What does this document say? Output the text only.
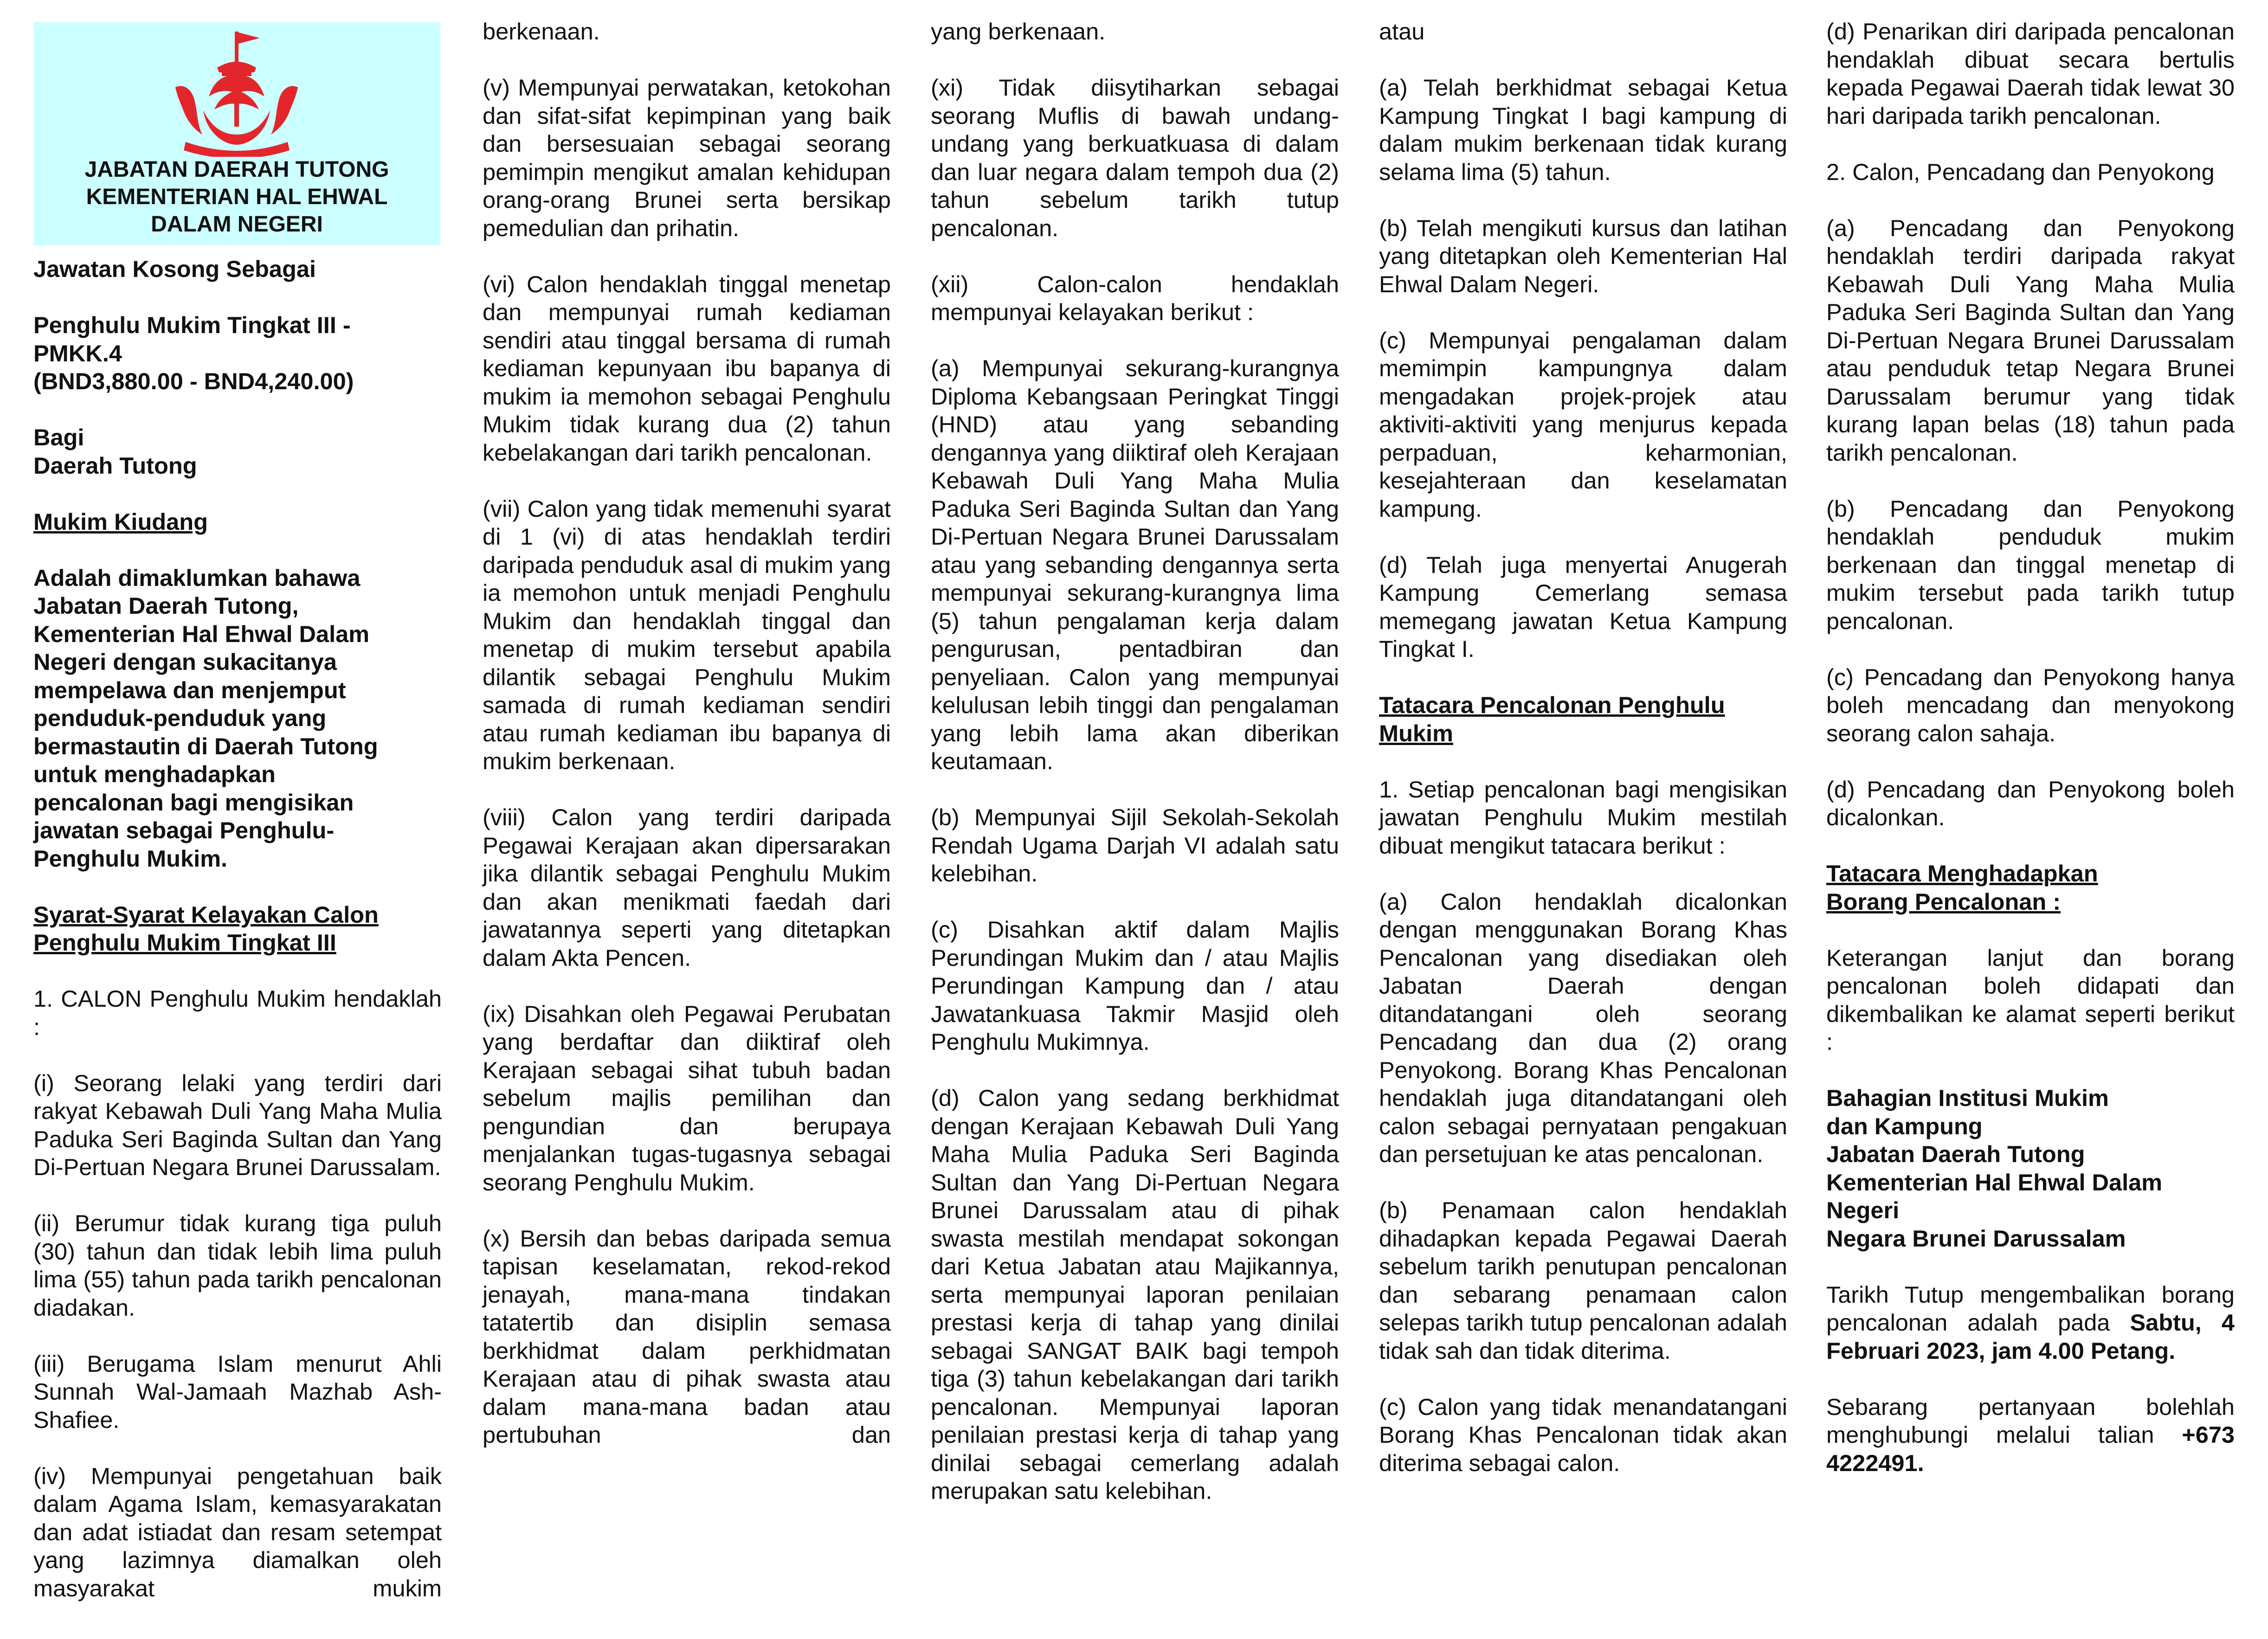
JABATAN DAERAH TUTONG
KEMENTERIAN HAL EHWAL
DALAM NEGERI
Jawatan Kosong Sebagai
Penghulu Mukim Tingkat III -
PMKK.4
(BND3,880.00 - BND4,240.00)
Bagi
Daerah Tutong
Mukim Kiudang
Adalah dimaklumkan bahawa
Jabatan Daerah Tutong,
Kementerian Hal Ehwal Dalam
Negeri dengan sukacitanya
mempelawa dan menjemput
penduduk-penduduk yang
bermastautin di Daerah Tutong
untuk menghadapkan
pencalonan bagi mengisikan
jawatan sebagai Penghulu-
Penghulu Mukim.
Syarat-Syarat Kelayakan Calon
Penghulu Mukim Tingkat III
1. CALON Penghulu Mukim hendaklah :
(i) Seorang lelaki yang terdiri dari rakyat Kebawah Duli Yang Maha Mulia Paduka Seri Baginda Sultan dan Yang Di-Pertuan Negara Brunei Darussalam.
(ii) Berumur tidak kurang tiga puluh (30) tahun dan tidak lebih lima puluh lima (55) tahun pada tarikh pencalonan diadakan.
(iii) Berugama Islam menurut Ahli Sunnah Wal-Jamaah Mazhab Ash-Shafiee.
(iv) Mempunyai pengetahuan baik dalam Agama Islam, kemasyarakatan dan adat istiadat dan resam setempat yang lazimnya diamalkan oleh masyarakat mukim
berkenaan.
(v) Mempunyai perwatakan, ketokohan dan sifat-sifat kepimpinan yang baik dan bersesuaian sebagai seorang pemimpin mengikut amalan kehidupan orang-orang Brunei serta bersikap pemedulian dan prihatin.
(vi) Calon hendaklah tinggal menetap dan mempunyai rumah kediaman sendiri atau tinggal bersama di rumah kediaman kepunyaan ibu bapanya di mukim ia memohon sebagai Penghulu Mukim tidak kurang dua (2) tahun kebelakangan dari tarikh pencalonan.
(vii) Calon yang tidak memenuhi syarat di 1 (vi) di atas hendaklah terdiri daripada penduduk asal di mukim yang ia memohon untuk menjadi Penghulu Mukim dan hendaklah tinggal dan menetap di mukim tersebut apabila dilantik sebagai Penghulu Mukim samada di rumah kediaman sendiri atau rumah kediaman ibu bapanya di mukim berkenaan.
(viii) Calon yang terdiri daripada Pegawai Kerajaan akan dipersarakan jika dilantik sebagai Penghulu Mukim dan akan menikmati faedah dari jawatannya seperti yang ditetapkan dalam Akta Pencen.
(ix) Disahkan oleh Pegawai Perubatan yang berdaftar dan diiktiraf oleh Kerajaan sebagai sihat tubuh badan sebelum majlis pemilihan dan pengundian dan berupaya menjalankan tugas-tugasnya sebagai seorang Penghulu Mukim.
(x) Bersih dan bebas daripada semua tapisan keselamatan, rekod-rekod jenayah, mana-mana tindakan tatatertib dan disiplin semasa berkhidmat dalam perkhidmatan Kerajaan atau di pihak swasta atau dalam mana-mana badan atau pertubuhan dan
yang berkenaan.
(xi) Tidak diisytiharkan sebagai seorang Muflis di bawah undang-undang yang berkuatkuasa di dalam dan luar negara dalam tempoh dua (2) tahun sebelum tarikh tutup pencalonan.
(xii) Calon-calon hendaklah mempunyai kelayakan berikut :
(a) Mempunyai sekurang-kurangnya Diploma Kebangsaan Peringkat Tinggi (HND) atau yang sebanding dengannya yang diiktiraf oleh Kerajaan Kebawah Duli Yang Maha Mulia Paduka Seri Baginda Sultan dan Yang Di-Pertuan Negara Brunei Darussalam atau yang sebanding dengannya serta mempunyai sekurang-kurangnya lima (5) tahun pengalaman kerja dalam pengurusan, pentadbiran dan penyeliaan. Calon yang mempunyai kelulusan lebih tinggi dan pengalaman yang lebih lama akan diberikan keutamaan.
(b) Mempunyai Sijil Sekolah-Sekolah Rendah Ugama Darjah VI adalah satu kelebihan.
(c) Disahkan aktif dalam Majlis Perundingan Mukim dan / atau Majlis Perundingan Kampung dan / atau Jawatankuasa Takmir Masjid oleh Penghulu Mukimnya.
(d) Calon yang sedang berkhidmat dengan Kerajaan Kebawah Duli Yang Maha Mulia Paduka Seri Baginda Sultan dan Yang Di-Pertuan Negara Brunei Darussalam atau di pihak swasta mestilah mendapat sokongan dari Ketua Jabatan atau Majikannya, serta mempunyai laporan penilaian prestasi kerja di tahap yang dinilai sebagai SANGAT BAIK bagi tempoh tiga (3) tahun kebelakangan dari tarikh pencalonan. Mempunyai laporan penilaian prestasi kerja di tahap yang dinilai sebagai cemerlang adalah merupakan satu kelebihan.
atau
(a) Telah berkhidmat sebagai Ketua Kampung Tingkat I bagi kampung di dalam mukim berkenaan tidak kurang selama lima (5) tahun.
(b) Telah mengikuti kursus dan latihan yang ditetapkan oleh Kementerian Hal Ehwal Dalam Negeri.
(c) Mempunyai pengalaman dalam memimpin kampungnya dalam mengadakan projek-projek atau aktiviti-aktiviti yang menjurus kepada perpaduan, keharmonian, kesejahteraan dan keselamatan kampung.
(d) Telah juga menyertai Anugerah Kampung Cemerlang semasa memegang jawatan Ketua Kampung Tingkat I.
Tatacara Pencalonan Penghulu
Mukim
1. Setiap pencalonan bagi mengisikan jawatan Penghulu Mukim mestilah dibuat mengikut tatacara berikut :
(a) Calon hendaklah dicalonkan dengan menggunakan Borang Khas Pencalonan yang disediakan oleh Jabatan Daerah dengan ditandatangani oleh seorang Pencadang dan dua (2) orang Penyokong. Borang Khas Pencalonan hendaklah juga ditandatangani oleh calon sebagai pernyataan pengakuan dan persetujuan ke atas pencalonan.
(b) Penamaan calon hendaklah dihadapkan kepada Pegawai Daerah sebelum tarikh penutupan pencalonan dan sebarang penamaan calon selepas tarikh tutup pencalonan adalah tidak sah dan tidak diterima.
(c) Calon yang tidak menandatangani Borang Khas Pencalonan tidak akan diterima sebagai calon.
(d) Penarikan diri daripada pencalonan hendaklah dibuat secara bertulis kepada Pegawai Daerah tidak lewat 30 hari daripada tarikh pencalonan.
2. Calon, Pencadang dan Penyokong
(a) Pencadang dan Penyokong hendaklah terdiri daripada rakyat Kebawah Duli Yang Maha Mulia Paduka Seri Baginda Sultan dan Yang Di-Pertuan Negara Brunei Darussalam atau penduduk tetap Negara Brunei Darussalam berumur yang tidak kurang lapan belas (18) tahun pada tarikh pencalonan.
(b) Pencadang dan Penyokong hendaklah penduduk mukim berkenaan dan tinggal menetap di mukim tersebut pada tarikh tutup pencalonan.
(c) Pencadang dan Penyokong hanya boleh mencadang dan menyokong seorang calon sahaja.
(d) Pencadang dan Penyokong boleh dicalonkan.
Tatacara Menghadapkan
Borang Pencalonan :
Keterangan lanjut dan borang pencalonan boleh didapati dan dikembalikan ke alamat seperti berikut :
Bahagian Institusi Mukim
dan Kampung
Jabatan Daerah Tutong
Kementerian Hal Ehwal Dalam
Negeri
Negara Brunei Darussalam
Tarikh Tutup mengembalikan borang pencalonan adalah pada Sabtu, 4 Februari 2023, jam 4.00 Petang.
Sebarang pertanyaan bolehlah menghubungi melalui talian +673 4222491.
